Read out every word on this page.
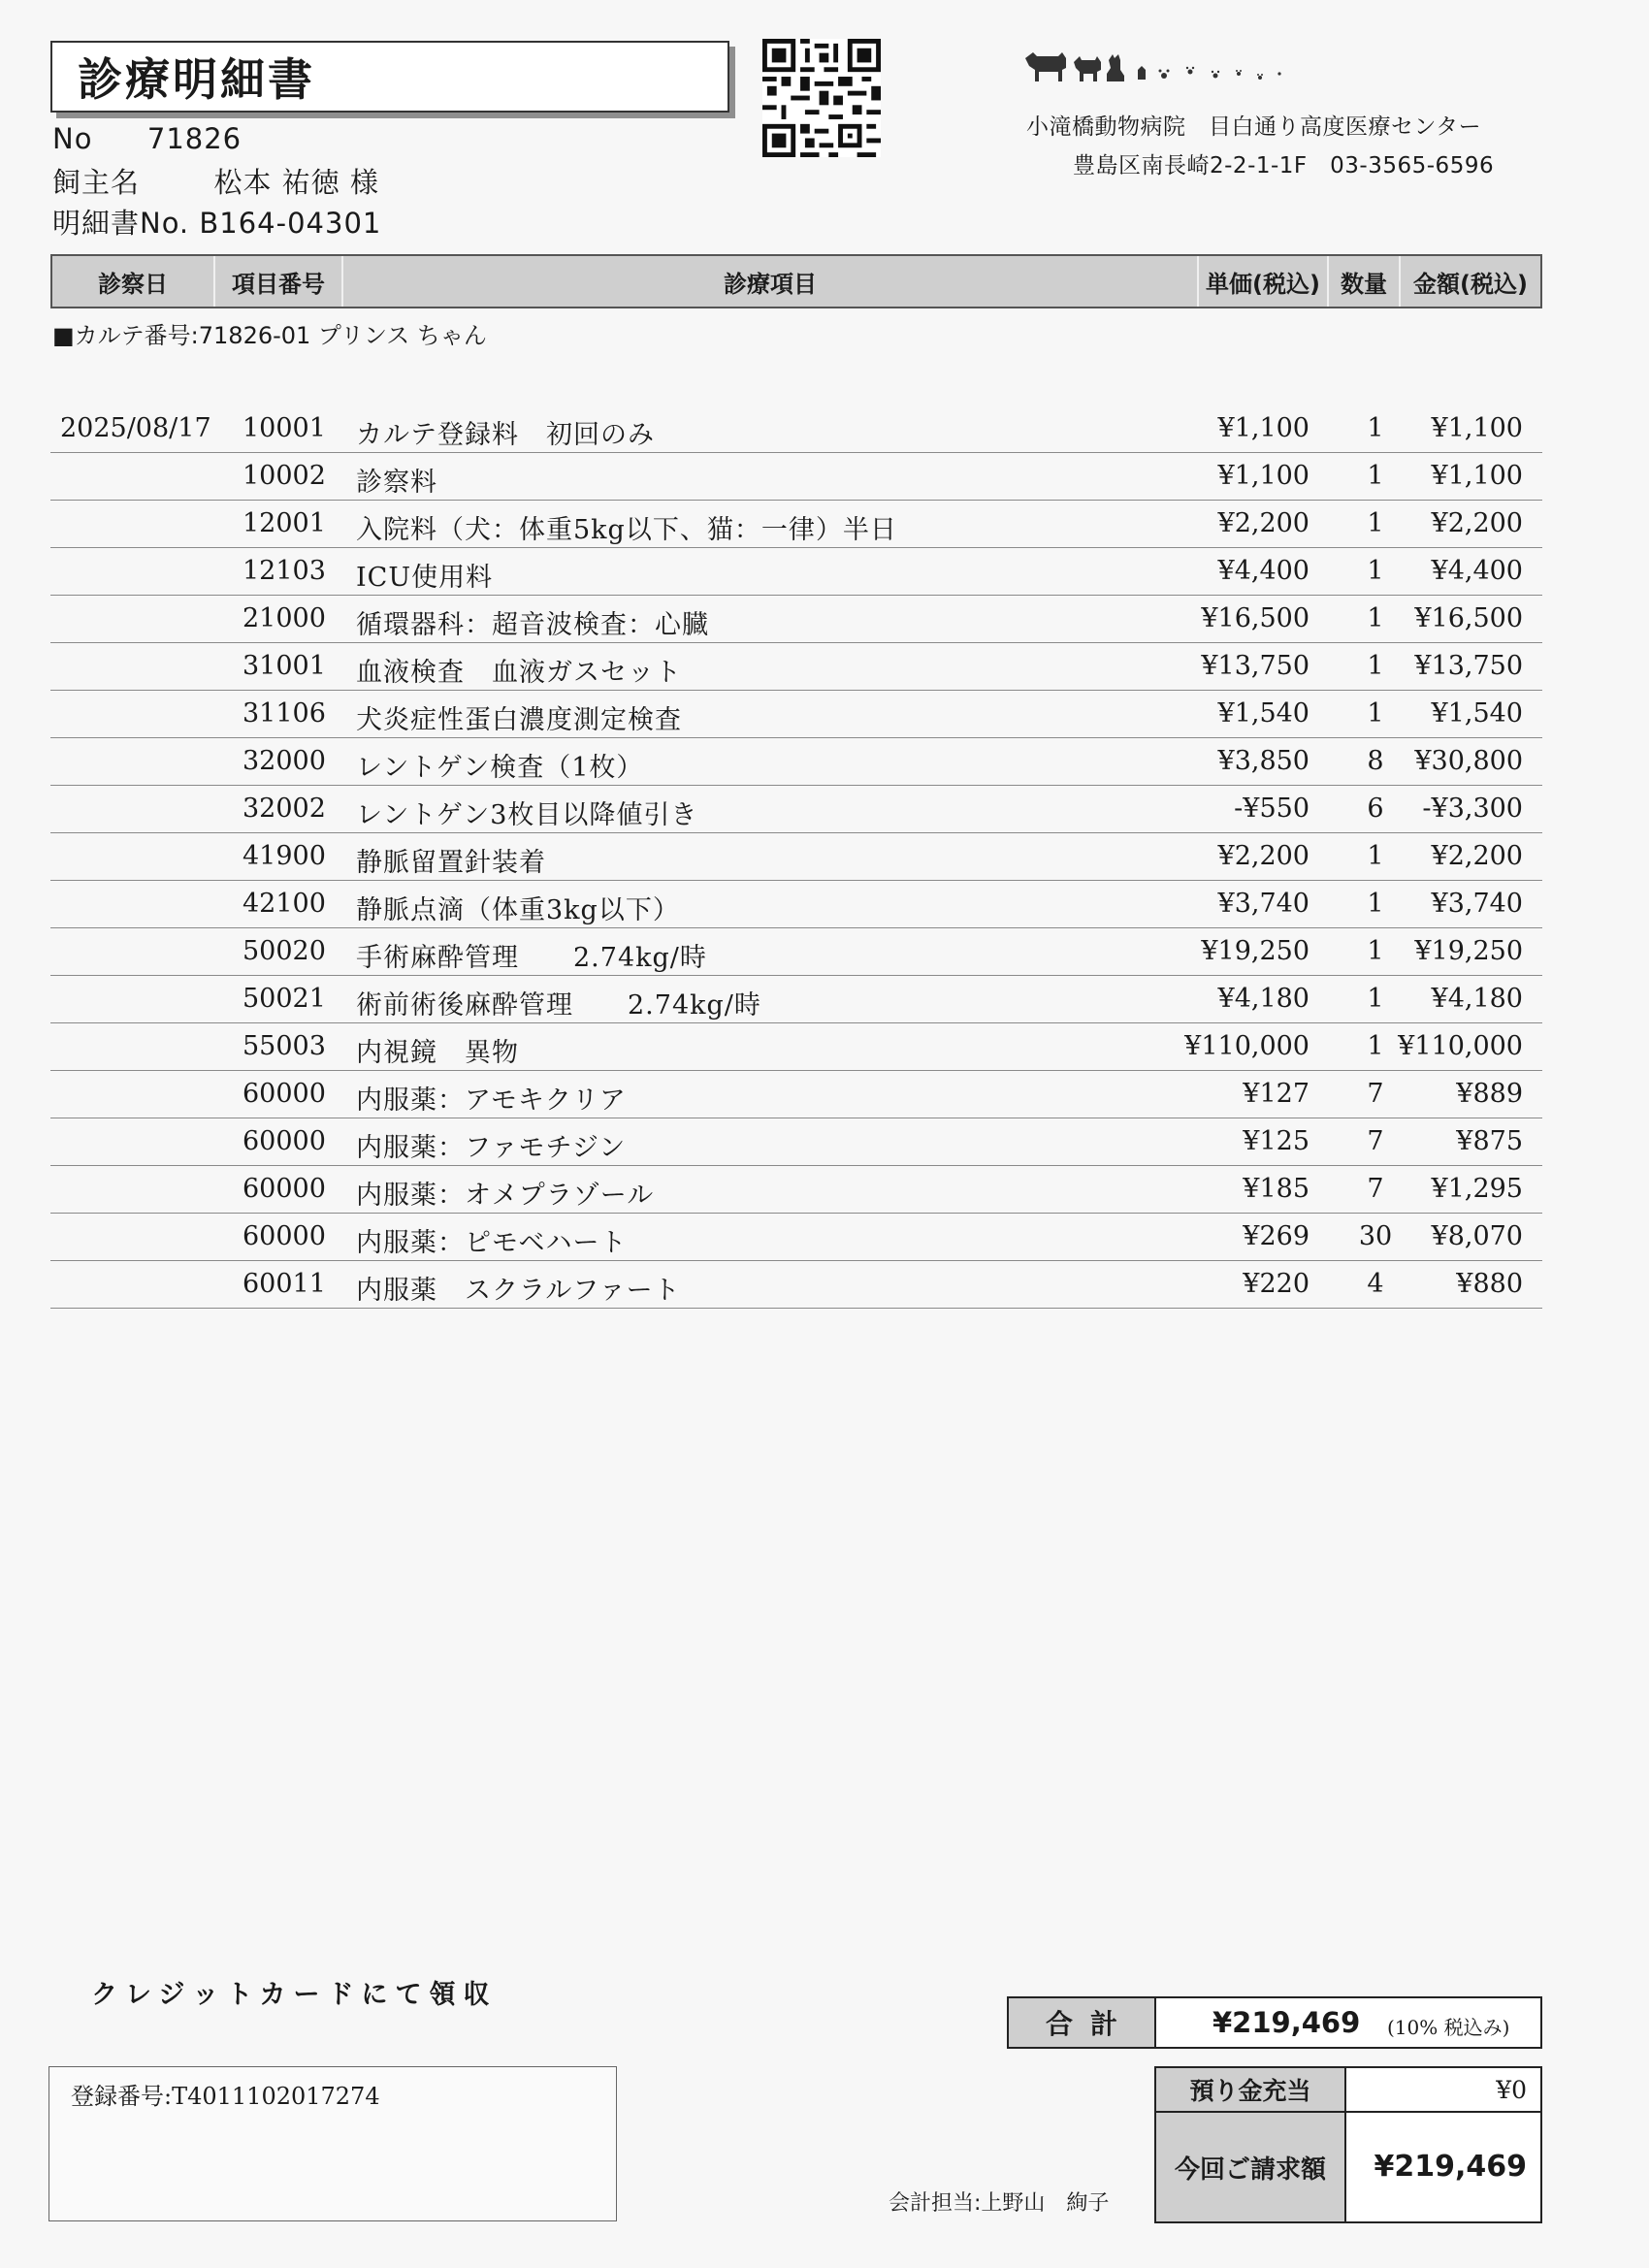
診療明細書
No 71826
飼主名	松本 祐徳 様
明細書No. B164-04301
小滝橋動物病院　目白通り高度医療センター
豊島区南長崎2-2-1-1F　03-3565-6596
診察日	項目番号	診療項目	単価(税込) 数量	金額(税込)
■カルテ番号:71826-01 プリンス ちゃん
2025/08/17	10001 カルテ登録料　初回のみ	¥1,100	1	¥1,100
10002 診察料	¥1,100	1	¥1,100
12001 入院料（犬：体重5kg以下、猫：一律）半日	¥2,200	1	¥2,200
12103 ICU使用料	¥4,400	1	¥4,400
21000 循環器科：超音波検査：心臓	¥16,500	1	¥16,500
31001 血液検査　血液ガスセット	¥13,750	1	¥13,750
31106 犬炎症性蛋白濃度測定検査	¥1,540	1	¥1,540
32000 レントゲン検査（1枚）	¥3,850	8	¥30,800
32002 レントゲン3枚目以降値引き	-¥550	6	-¥3,300
41900 静脈留置針装着	¥2,200	1	¥2,200
42100 静脈点滴（体重3kg以下）	¥3,740	1	¥3,740
50020 手術麻酔管理　　2.74kg/時	¥19,250	1	¥19,250
50021 術前術後麻酔管理　　2.74kg/時	¥4,180	1	¥4,180
55003 内視鏡　異物	¥110,000	1 ¥110,000
60000 内服薬：アモキクリア	¥127	7	¥889
60000 内服薬：ファモチジン	¥125	7	¥875
60000 内服薬：オメプラゾール	¥185	7	¥1,295
60000 内服薬：ピモベハート	¥269	30	¥8,070
60011 内服薬　スクラルファート	¥220	4	¥880
クレジットカードにて領収
登録番号:T4011102017274
合計	¥219,469 (10% 税込み)
預り金充当	¥0
今回ご請求額	¥219,469
会計担当:上野山　絢子
